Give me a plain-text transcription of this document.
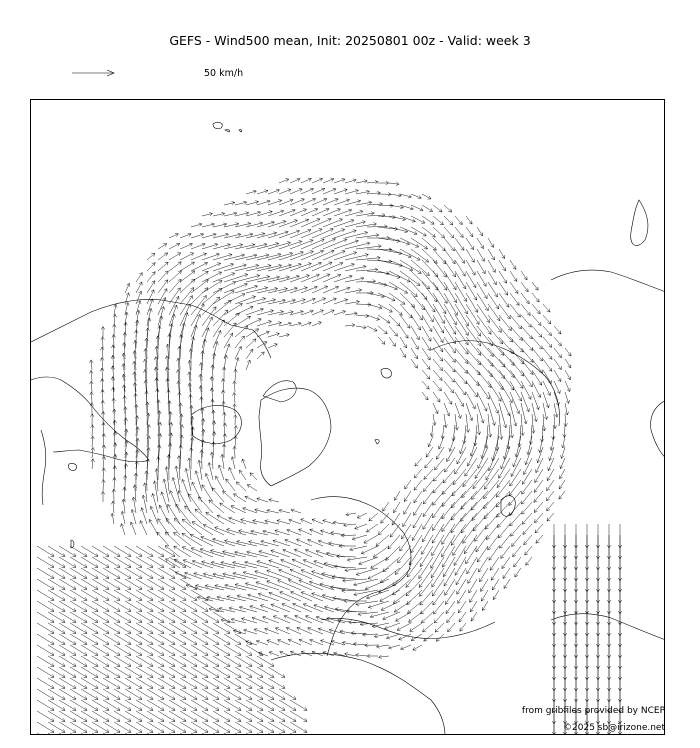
GEFS - Wind500 mean, Init: 20250801 00z - Valid: week 3
50 km/h
from gribfiles provided by NCEP
©2025 sb@irizone.net
